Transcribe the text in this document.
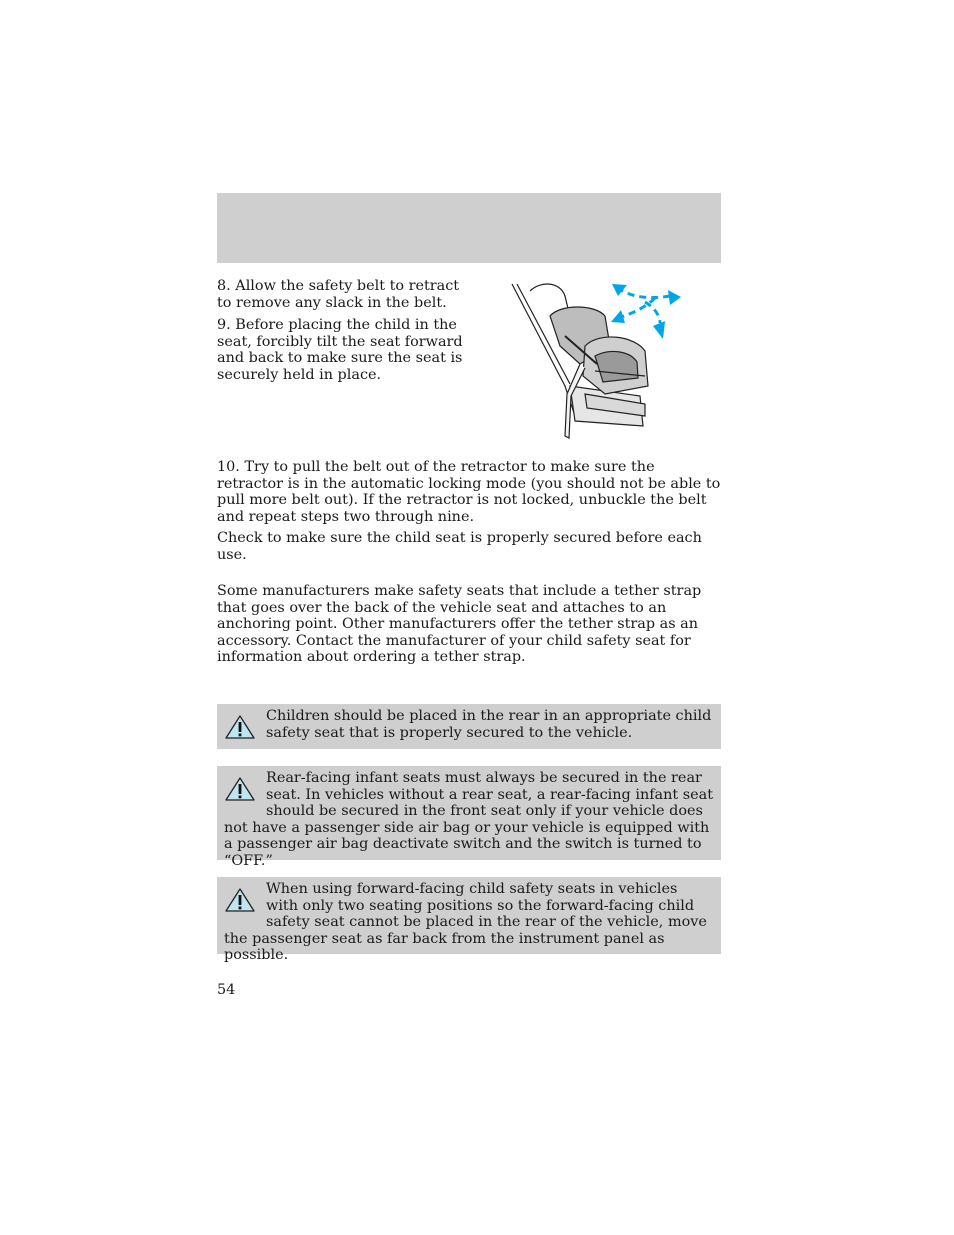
8. Allow the safety belt to retract to remove any slack in the belt.

9. Before placing the child in the seat, forcibly tilt the seat forward and back to make sure the seat is securely held in place.

10. Try to pull the belt out of the retractor to make sure the retractor is in the automatic locking mode (you should not be able to pull more belt out). If the retractor is not locked, unbuckle the belt and repeat steps two through nine.

Check to make sure the child seat is properly secured before each use.

Some manufacturers make safety seats that include a tether strap that goes over the back of the vehicle seat and attaches to an anchoring point. Other manufacturers offer the tether strap as an accessory. Contact the manufacturer of your child safety seat for information about ordering a tether strap.

Children should be placed in the rear in an appropriate child safety seat that is properly secured to the vehicle.

Rear-facing infant seats must always be secured in the rear seat. In vehicles without a rear seat, a rear-facing infant seat should be secured in the front seat only if your vehicle does not have a passenger side air bag or your vehicle is equipped with a passenger air bag deactivate switch and the switch is turned to “OFF.”

When using forward-facing child safety seats in vehicles with only two seating positions so the forward-facing child safety seat cannot be placed in the rear of the vehicle, move the passenger seat as far back from the instrument panel as possible.

54
